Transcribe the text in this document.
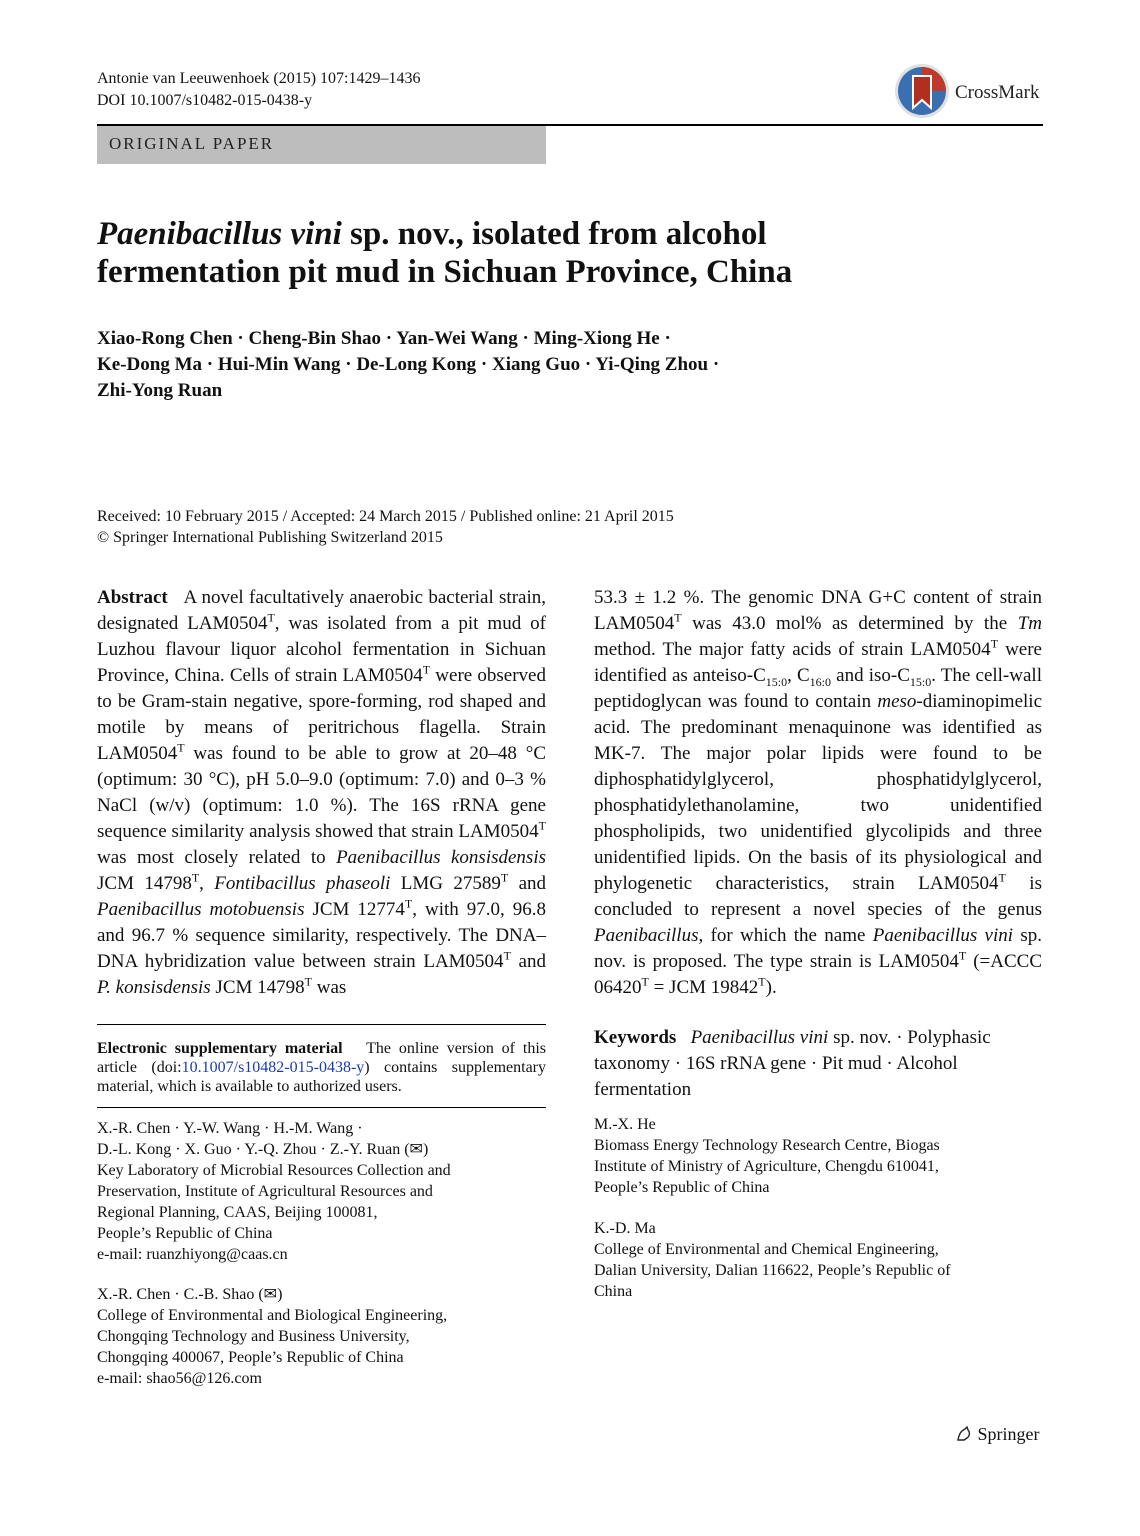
Antonie van Leeuwenhoek (2015) 107:1429–1436
DOI 10.1007/s10482-015-0438-y	CrossMark
ORIGINAL PAPER
Paenibacillus vini sp. nov., isolated from alcohol
fermentation pit mud in Sichuan Province, China
Xiao-Rong Chen · Cheng-Bin Shao · Yan-Wei Wang · Ming-Xiong He ·
Ke-Dong Ma · Hui-Min Wang · De-Long Kong · Xiang Guo · Yi-Qing Zhou ·
Zhi-Yong Ruan
Received: 10 February 2015 / Accepted: 24 March 2015 / Published online: 21 April 2015
© Springer International Publishing Switzerland 2015
Abstract A novel facultatively anaerobic bacterial strain, designated $LAM0504^T$, was isolated from a pit mud of Luzhou flavour liquor alcohol fermentation in Sichuan Province, China. Cells of strain $LAM0504^T$ were observed to be Gram-stain negative, spore-forming, rod shaped and motile by means of peritrichous flagella. Strain $LAM0504^T$ was found to be able to grow at 20–48 °C (optimum: 30 °C), pH 5.0–9.0 (optimum: 7.0) and 0–3 % NaCl (w/v) (optimum: 1.0 %). The 16S rRNA gene sequence similarity analysis showed that strain $LAM0504^T$ was most closely related to Paenibacillus konsisdensis JCM $14798^T$, Fontibacillus phaseoli LMG $27589^T$ and Paenibacillus motobuensis JCM $12774^T$, with 97.0, 96.8 and 96.7 % sequence similarity, respectively. The DNA–DNA hybridization value between strain $LAM0504^T$ and P. konsisdensis JCM $14798^T$ was
53.3 ± 1.2 %. The genomic DNA G+C content of strain $LAM0504^T$ was 43.0 mol% as determined by the Tm method. The major fatty acids of strain $LAM0504^T$ were identified as anteiso-$C_{15:0}$, $C_{16:0}$ and iso-$C_{15:0}$. The cell-wall peptidoglycan was found to contain meso-diaminopimelic acid. The predominant menaquinone was identified as MK-7. The major polar lipids were found to be diphosphatidylglycerol, phosphatidylglycerol, phosphatidylethanolamine, two unidentified phospholipids, two unidentified glycolipids and three unidentified lipids. On the basis of its physiological and phylogenetic characteristics, strain $LAM0504^T$ is concluded to represent a novel species of the genus Paenibacillus, for which the name Paenibacillus vini sp. nov. is proposed. The type strain is $LAM0504^T$ (=ACCC $06420^T$ = JCM $19842^T$).
Electronic supplementary material The online version of this article (doi:10.1007/s10482-015-0438-y) contains supplementary material, which is available to authorized users.
X.-R. Chen · Y.-W. Wang · H.-M. Wang ·
D.-L. Kong · X. Guo · Y.-Q. Zhou · Z.-Y. Ruan (✉)
Key Laboratory of Microbial Resources Collection and
Preservation, Institute of Agricultural Resources and
Regional Planning, CAAS, Beijing 100081,
People’s Republic of China
e-mail: ruanzhiyong@caas.cn
X.-R. Chen · C.-B. Shao (✉)
College of Environmental and Biological Engineering,
Chongqing Technology and Business University,
Chongqing 400067, People’s Republic of China
e-mail: shao56@126.com
Keywords Paenibacillus vini sp. nov. · Polyphasic taxonomy · 16S rRNA gene · Pit mud · Alcohol fermentation
M.-X. He
Biomass Energy Technology Research Centre, Biogas
Institute of Ministry of Agriculture, Chengdu 610041,
People’s Republic of China
K.-D. Ma
College of Environmental and Chemical Engineering,
Dalian University, Dalian 116622, People’s Republic of
China
Springer
